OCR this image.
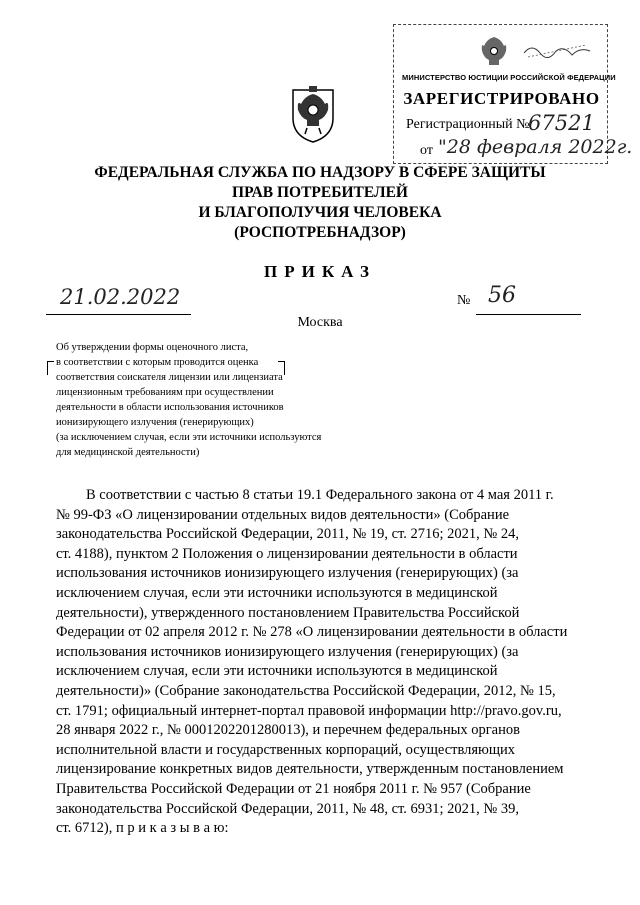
МИНИСТЕРСТВО ЮСТИЦИИ РОССИЙСКОЙ ФЕДЕРАЦИИ
ЗАРЕГИСТРИРОВАНО
Регистрационный №
67521
от "28 февраля 2022г.
ФЕДЕРАЛЬНАЯ СЛУЖБА ПО НАДЗОРУ В СФЕРЕ ЗАЩИТЫ
ПРАВ ПОТРЕБИТЕЛЕЙ
И БЛАГОПОЛУЧИЯ ЧЕЛОВЕКА
(РОСПОТРЕБНАДЗОР)
ПРИКАЗ
21.02.2022	№ 56
Москва
Об утверждении формы оценочного листа,
в соответствии с которым проводится оценка
соответствия соискателя лицензии или лицензиата
лицензионным требованиям при осуществлении
деятельности в области использования источников
ионизирующего излучения (генерирующих)
(за исключением случая, если эти источники используются
для медицинской деятельности)
В соответствии с частью 8 статьи 19.1 Федерального закона от 4 мая 2011 г.
№ 99-ФЗ «О лицензировании отдельных видов деятельности» (Собрание
законодательства Российской Федерации, 2011, № 19, ст. 2716; 2021, № 24,
ст. 4188), пунктом 2 Положения о лицензировании деятельности в области
использования источников ионизирующего излучения (генерирующих) (за
исключением случая, если эти источники используются в медицинской
деятельности), утвержденного постановлением Правительства Российской
Федерации от 02 апреля 2012 г. № 278 «О лицензировании деятельности в области
использования источников ионизирующего излучения (генерирующих) (за
исключением случая, если эти источники используются в медицинской
деятельности)» (Собрание законодательства Российской Федерации, 2012, № 15,
ст. 1791; официальный интернет-портал правовой информации http://pravo.gov.ru,
28 января 2022 г., № 0001202201280013), и перечнем федеральных органов
исполнительной власти и государственных корпораций, осуществляющих
лицензирование конкретных видов деятельности, утвержденным постановлением
Правительства Российской Федерации от 21 ноября 2011 г. № 957 (Собрание
законодательства Российской Федерации, 2011, № 48, ст. 6931; 2021, № 39,
ст. 6712), п р и к а з ы в а ю:
